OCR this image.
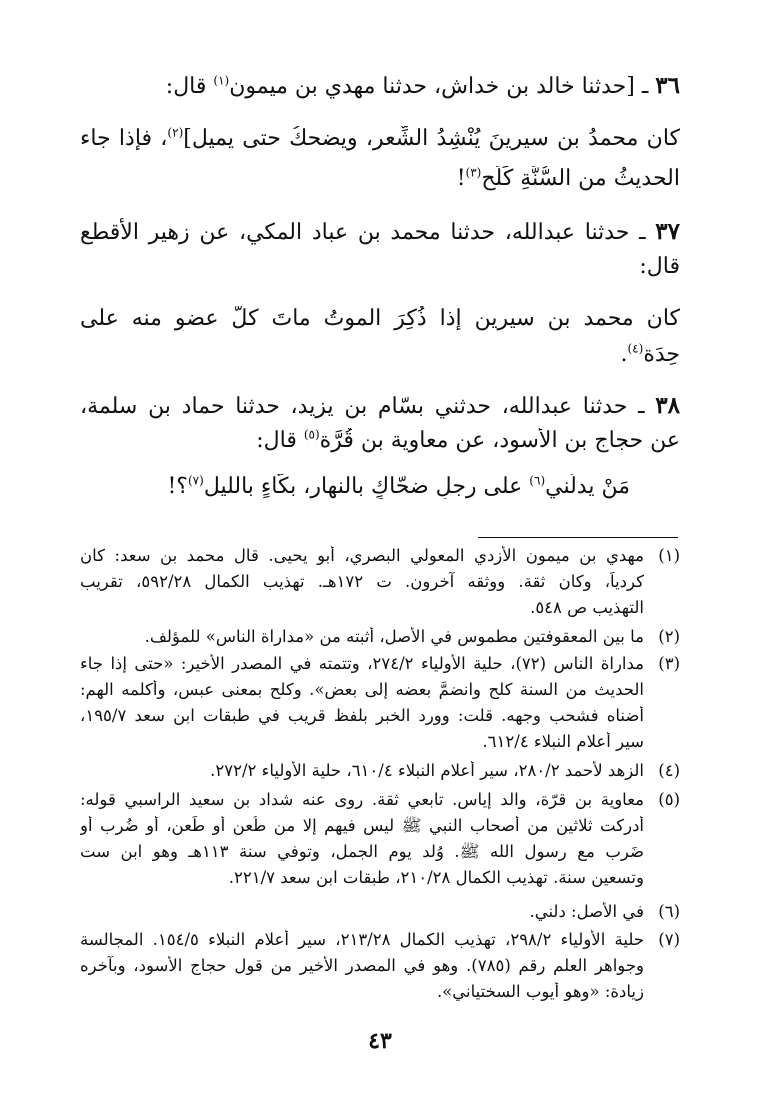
٣٦ ـ [حدثنا خالد بن خداش، حدثنا مهدي بن ميمون$^{(١)}$ قال:
كان محمدُ بن سيرينَ يُنْشِدُ الشِّعر، ويضحكُ حتى يميل]$^{(٢)}$، فإذا جاء
الحديثُ من السُّنَّةِ كَلَح$^{(٣)}$!
٣٧ ـ حدثنا عبدالله، حدثنا محمد بن عباد المكي، عن زهير الأقطع
قال:
كان محمد بن سيرين إذا ذُكِرَ الموتُ ماتَ كلُّ عضوٍ منه على
حِدَة$^{(٤)}$.
٣٨ ـ حدثنا عبدالله، حدثني بسّام بن يزيد، حدثنا حماد بن سلمة،
عن حجاج بن الأسود، عن معاوية بن قُرَّة$^{(٥)}$ قال:
مَنْ يدلُّني$^{(٦)}$ على رجلٍ ضحّاكٍ بالنهار، بكّاءٍ بالليل$^{(٧)}$؟!
(١)
مهدي بن ميمون الأزدي المعولي البصري، أبو يحيى. قال محمد بن سعد: كان
كردياً، وكان ثقة. ووثقه آخرون. ت ١٧٢هـ. تهذيب الكمال ٥٩٢/٢٨، تقريب
التهذيب ص ٥٤٨.
(٢)
ما بين المعقوفتين مطموس في الأصل، أثبته من «مداراة الناس» للمؤلف.
(٣)
مداراة الناس (٧٢)، حلية الأولياء ٢٧٤/٢، وتتمته في المصدر الأخير: «حتى إذا جاء
الحديث من السنة كلح وانضمَّ بعضه إلى بعض». وكلح بمعنى عبس، وأكلمه الهم:
أضناه فشحب وجهه. قلت: وورد الخبر بلفظ قريب في طبقات ابن سعد ١٩٥/٧،
سير أعلام النبلاء ٦١٢/٤.
(٤)
الزهد لأحمد ٢٨٠/٢، سير أعلام النبلاء ٦١٠/٤، حلية الأولياء ٢٧٢/٢.
(٥)
معاوية بن قرّة، والد إياس. تابعي ثقة. روى عنه شداد بن سعيد الراسبي قوله:
أدركت ثلاثين من أصحاب النبي ﷺ ليس فيهم إلا من طُعن أو طَعن، أو ضُرب أو
ضَرب مع رسول الله ﷺ. وُلد يوم الجمل، وتوفي سنة ١١٣هـ وهو ابن ست
وتسعين سنة. تهذيب الكمال ٢١٠/٢٨، طبقات ابن سعد ٢٢١/٧.
(٦)
في الأصل: دلني.
(٧)
حلية الأولياء ٢٩٨/٢، تهذيب الكمال ٢١٣/٢٨، سير أعلام النبلاء ١٥٤/٥. المجالسة
وجواهر العلم رقم (٧٨٥). وهو في المصدر الأخير من قول حجاج الأسود، وبآخره
زيادة: «وهو أيوب السختياني».
٤٣
